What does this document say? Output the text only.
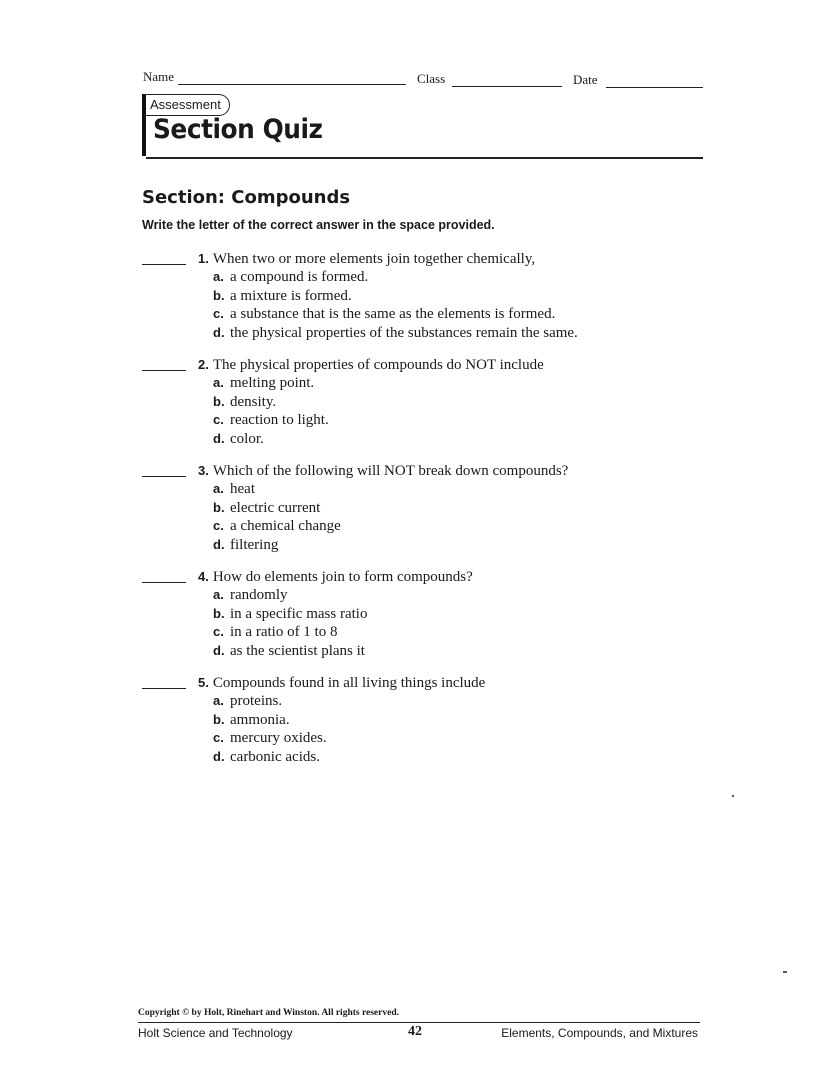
Name	Class	Date
Assessment
Section Quiz
Section: Compounds
Write the letter of the correct answer in the space provided.
1. When two or more elements join together chemically,
a. a compound is formed.
b. a mixture is formed.
c. a substance that is the same as the elements is formed.
d. the physical properties of the substances remain the same.
2. The physical properties of compounds do NOT include
a. melting point.
b. density.
c. reaction to light.
d. color.
3. Which of the following will NOT break down compounds?
a. heat
b. electric current
c. a chemical change
d. filtering
4. How do elements join to form compounds?
a. randomly
b. in a specific mass ratio
c. in a ratio of 1 to 8
d. as the scientist plans it
5. Compounds found in all living things include
a. proteins.
b. ammonia.
c. mercury oxides.
d. carbonic acids.
Copyright © by Holt, Rinehart and Winston. All rights reserved.
Holt Science and Technology	42	Elements, Compounds, and Mixtures
